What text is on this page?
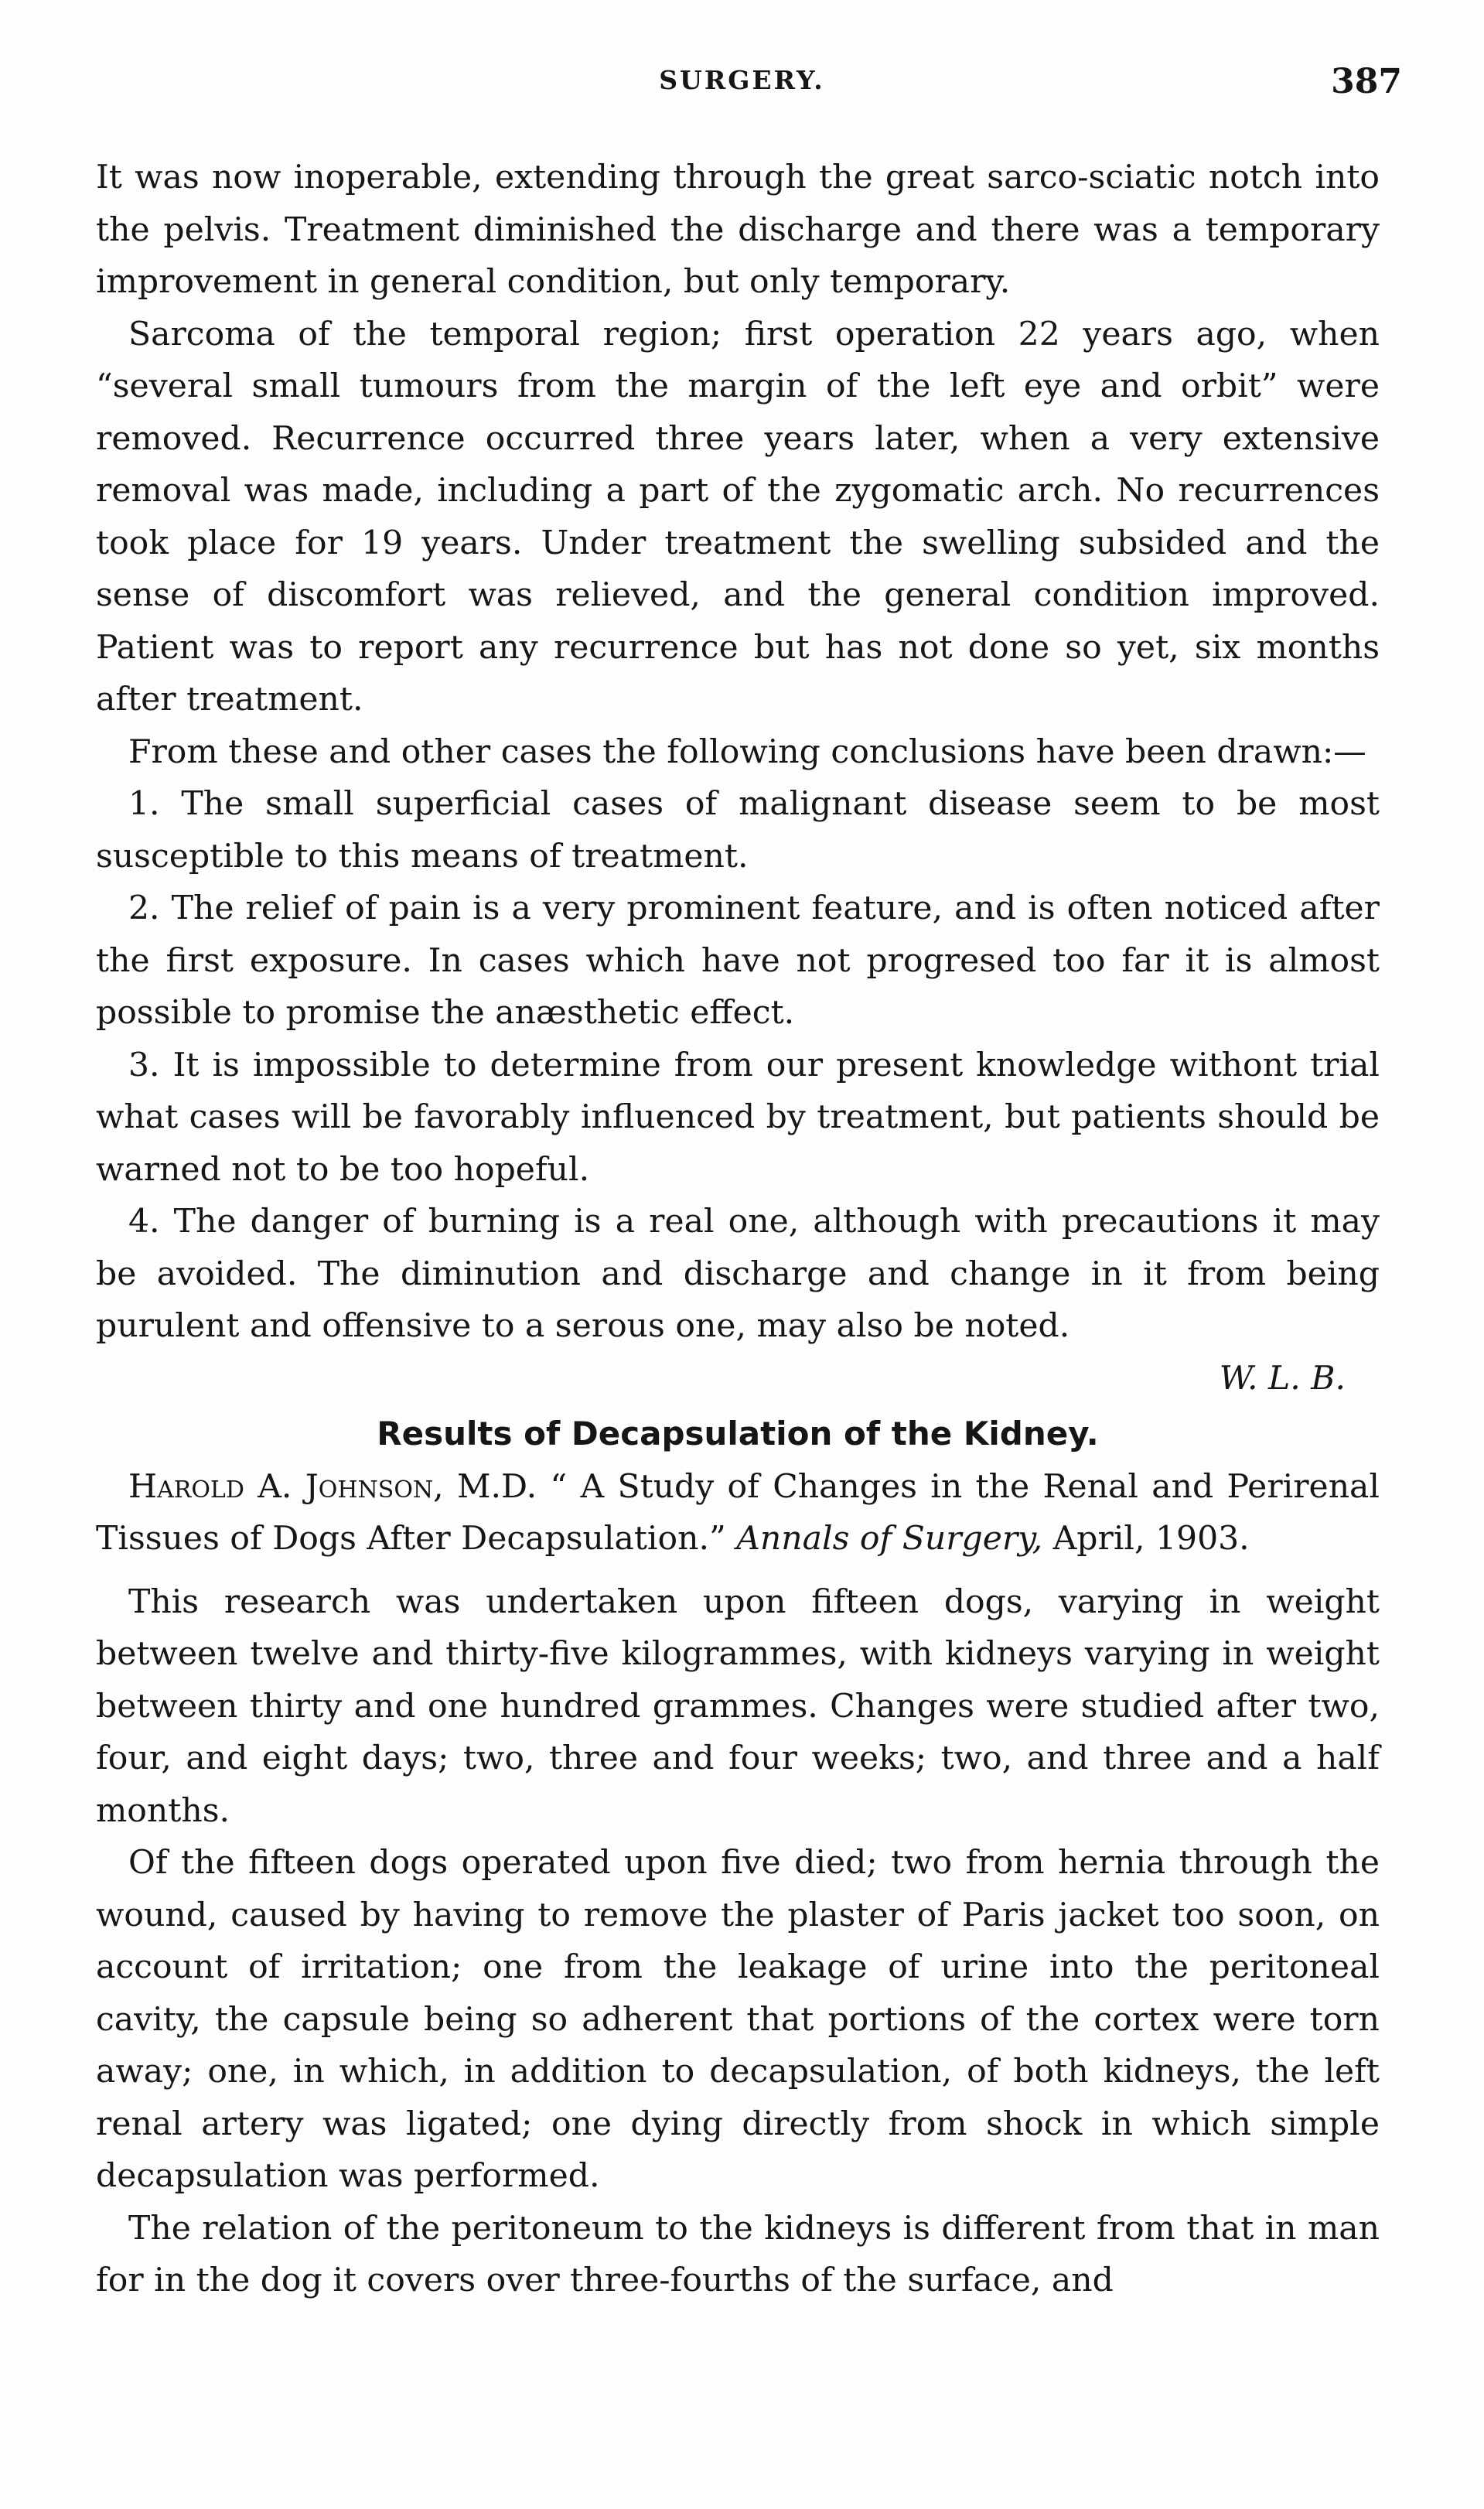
SURGERY.	387

It was now inoperable, extending through the great sarco-sciatic notch into the pelvis. Treatment diminished the discharge and there was a temporary improvement in general condition, but only temporary.

Sarcoma of the temporal region; first operation 22 years ago, when “several small tumours from the margin of the left eye and orbit” were removed. Recurrence occurred three years later, when a very extensive removal was made, including a part of the zygomatic arch. No recurrences took place for 19 years. Under treatment the swelling subsided and the sense of discomfort was relieved, and the general condition improved. Patient was to report any recurrence but has not done so yet, six months after treatment.

From these and other cases the following conclusions have been drawn:—

1. The small superficial cases of malignant disease seem to be most susceptible to this means of treatment.

2. The relief of pain is a very prominent feature, and is often noticed after the first exposure. In cases which have not progresed too far it is almost possible to promise the anæsthetic effect.

3. It is impossible to determine from our present knowledge withont trial what cases will be favorably influenced by treatment, but patients should be warned not to be too hopeful.

4. The danger of burning is a real one, although with precautions it may be avoided. The diminution and discharge and change in it from being purulent and offensive to a serous one, may also be noted.

W. L. B.
Results of Decapsulation of the Kidney.

Harold A. Johnson, M.D. “ A Study of Changes in the Renal and Perirenal Tissues of Dogs After Decapsulation.” Annals of Surgery, April, 1903.

This research was undertaken upon fifteen dogs, varying in weight between twelve and thirty-five kilogrammes, with kidneys varying in weight between thirty and one hundred grammes. Changes were studied after two, four, and eight days; two, three and four weeks; two, and three and a half months.

Of the fifteen dogs operated upon five died; two from hernia through the wound, caused by having to remove the plaster of Paris jacket too soon, on account of irritation; one from the leakage of urine into the peritoneal cavity, the capsule being so adherent that portions of the cortex were torn away; one, in which, in addition to decapsulation, of both kidneys, the left renal artery was ligated; one dying directly from shock in which simple decapsulation was performed.

The relation of the peritoneum to the kidneys is different from that in man for in the dog it covers over three-fourths of the surface, and
